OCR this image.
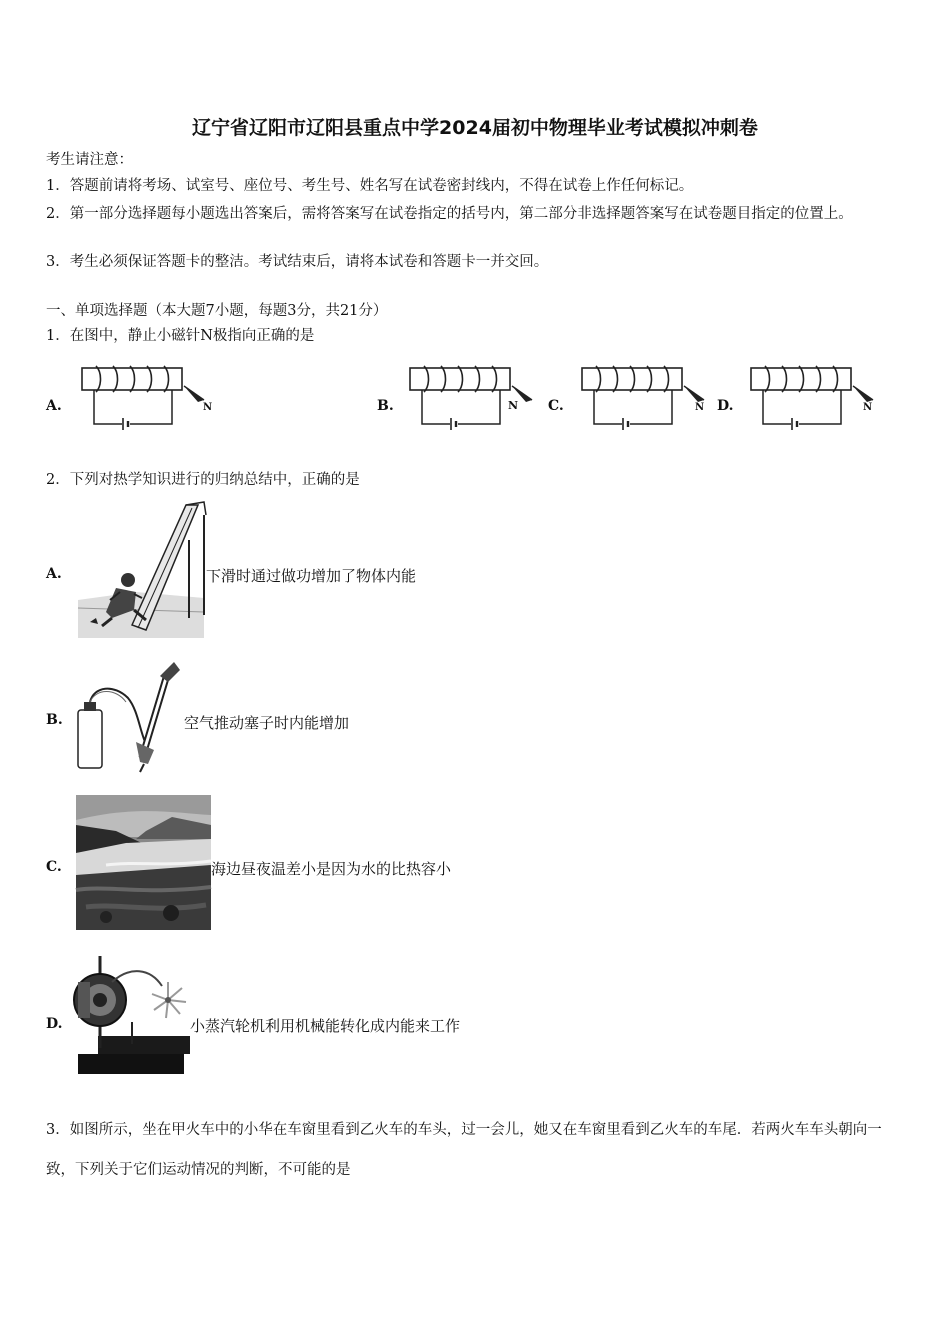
辽宁省辽阳市辽阳县重点中学2024届初中物理毕业考试模拟冲刺卷
考生请注意：
1．答题前请将考场、试室号、座位号、考生号、姓名写在试卷密封线内，不得在试卷上作任何标记。
2．第一部分选择题每小题选出答案后，需将答案写在试卷指定的括号内，第二部分非选择题答案写在试卷题目指定的位置上。
3．考生必须保证答题卡的整洁。考试结束后，请将本试卷和答题卡一并交回。
一、单项选择题（本大题7小题，每题3分，共21分）
1．在图中，静止小磁针N极指向正确的是
A.	B.	C.	D.
N	N	N	N
2．下列对热学知识进行的归纳总结中，正确的是
A.	下滑时通过做功增加了物体内能
B.	空气推动塞子时内能增加
C.	海边昼夜温差小是因为水的比热容小
D.	小蒸汽轮机利用机械能转化成内能来工作
3．如图所示，坐在甲火车中的小华在车窗里看到乙火车的车头，过一会儿，她又在车窗里看到乙火车的车尾．若两火车车头朝向一致，下列关于它们运动情况的判断，不可能的是
